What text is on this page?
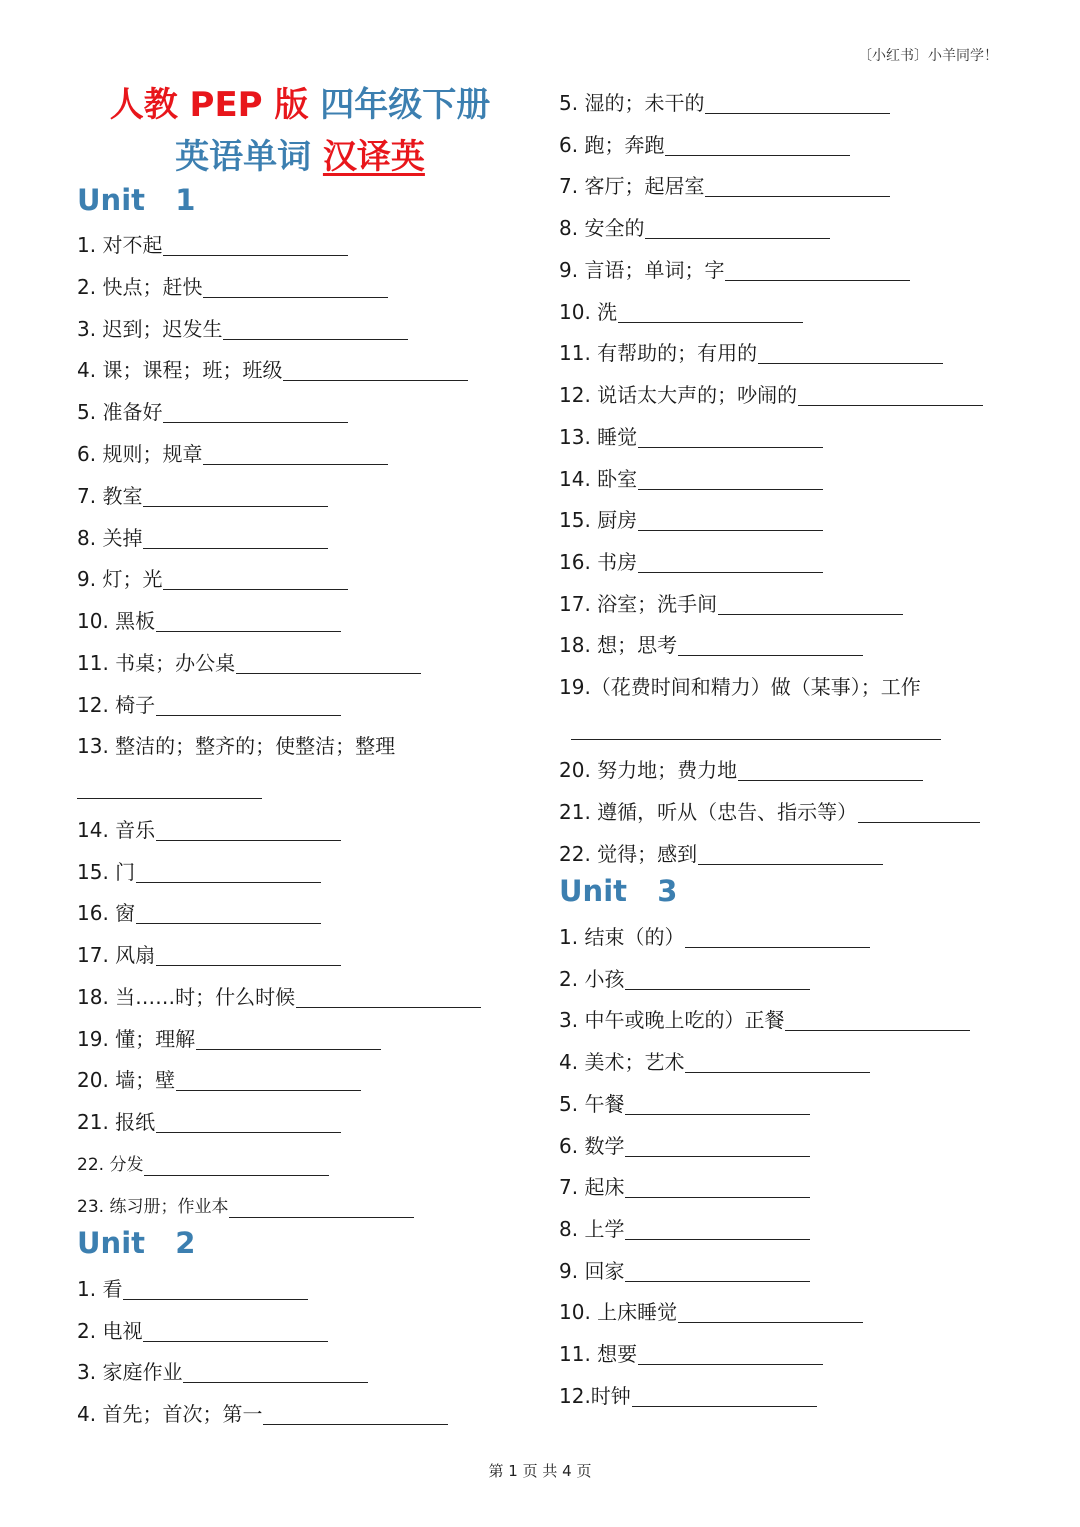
〔小红书〕小羊同学！
人教 PEP 版 四年级下册
英语单词 汉译英
Unit   1
1. 对不起
2. 快点；赶快
3. 迟到；迟发生
4. 课；课程；班；班级
5. 准备好
6. 规则；规章
7. 教室
8. 关掉
9. 灯；光
10. 黑板
11. 书桌；办公桌
12. 椅子
13. 整洁的；整齐的；使整洁；整理
14. 音乐
15. 门
16. 窗
17. 风扇
18. 当……时；什么时候
19. 懂；理解
20. 墙；壁
21. 报纸
22. 分发
23. 练习册；作业本
Unit   2
1. 看
2. 电视
3. 家庭作业
4. 首先；首次；第一
5. 湿的；未干的
6. 跑；奔跑
7. 客厅；起居室
8. 安全的
9. 言语；单词；字
10. 洗
11. 有帮助的；有用的
12. 说话太大声的；吵闹的
13. 睡觉
14. 卧室
15. 厨房
16. 书房
17. 浴室；洗手间
18. 想；思考
19.（花费时间和精力）做（某事）；工作
20. 努力地；费力地
21. 遵循，听从（忠告、指示等）
22. 觉得；感到
Unit   3
1. 结束（的）
2. 小孩
3. 中午或晚上吃的）正餐
4. 美术；艺术
5. 午餐
6. 数学
7. 起床
8. 上学
9. 回家
10. 上床睡觉
11. 想要
12.时钟
第 1 页 共 4 页
